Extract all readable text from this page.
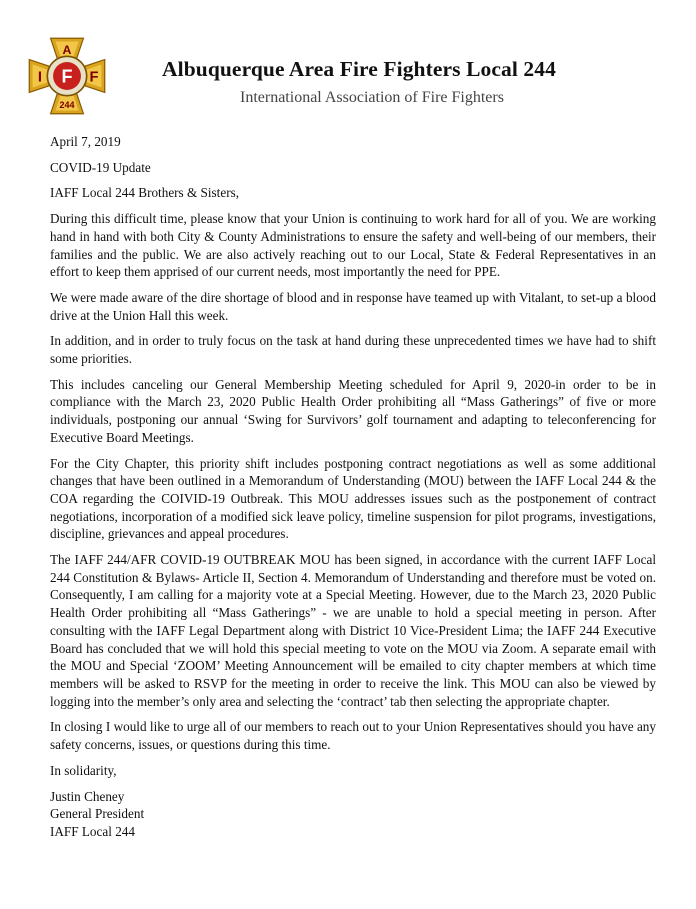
A
I F F
244
Albuquerque Area Fire Fighters Local 244
International Association of Fire Fighters

April 7, 2019

COVID-19 Update

IAFF Local 244 Brothers & Sisters,

During this difficult time, please know that your Union is continuing to work hard for all of you. We are working hand in hand with both City & County Administrations to ensure the safety and well-being of our members, their families and the public. We are also actively reaching out to our Local, State & Federal Representatives in an effort to keep them apprised of our current needs, most importantly the need for PPE.

We were made aware of the dire shortage of blood and in response have teamed up with Vitalant, to set-up a blood drive at the Union Hall this week.

In addition, and in order to truly focus on the task at hand during these unprecedented times we have had to shift some priorities.

This includes canceling our General Membership Meeting scheduled for April 9, 2020-in order to be in compliance with the March 23, 2020 Public Health Order prohibiting all “Mass Gatherings” of five or more individuals, postponing our annual ‘Swing for Survivors’ golf tournament and adapting to teleconferencing for Executive Board Meetings.

For the City Chapter, this priority shift includes postponing contract negotiations as well as some additional changes that have been outlined in a Memorandum of Understanding (MOU) between the IAFF Local 244 & the COA regarding the COIVID-19 Outbreak. This MOU addresses issues such as the postponement of contract negotiations, incorporation of a modified sick leave policy, timeline suspension for pilot programs, investigations, discipline, grievances and appeal procedures.

The IAFF 244/AFR COVID-19 OUTBREAK MOU has been signed, in accordance with the current IAFF Local 244 Constitution & Bylaws- Article II, Section 4. Memorandum of Understanding and therefore must be voted on. Consequently, I am calling for a majority vote at a Special Meeting. However, due to the March 23, 2020 Public Health Order prohibiting all “Mass Gatherings” - we are unable to hold a special meeting in person. After consulting with the IAFF Legal Department along with District 10 Vice-President Lima; the IAFF 244 Executive Board has concluded that we will hold this special meeting to vote on the MOU via Zoom. A separate email with the MOU and Special ‘ZOOM’ Meeting Announcement will be emailed to city chapter members at which time members will be asked to RSVP for the meeting in order to receive the link. This MOU can also be viewed by logging into the member’s only area and selecting the ‘contract’ tab then selecting the appropriate chapter.

In closing I would like to urge all of our members to reach out to your Union Representatives should you have any safety concerns, issues, or questions during this time.

In solidarity,

Justin Cheney
General President
IAFF Local 244
